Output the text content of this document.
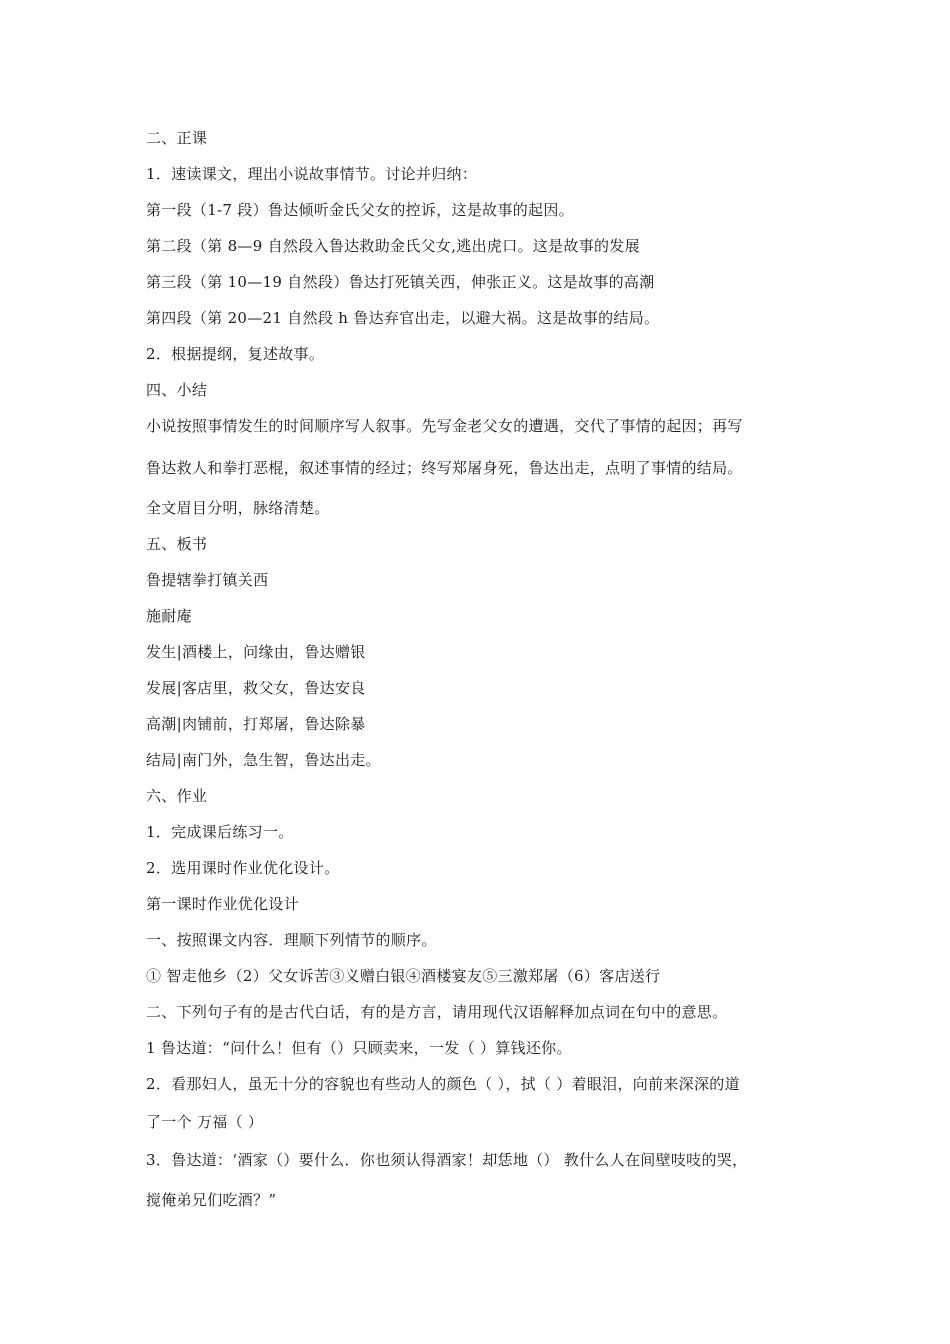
二、正课
1．速读课文，理出小说故事情节。讨论并归纳：
第一段（1-7 段）鲁达倾听金氏父女的控诉，这是故事的起因。
第二段（第 8—9 自然段入鲁达救助金氏父女,逃出虎口。这是故事的发展
第三段（第 10—19 自然段）鲁达打死镇关西，伸张正义。这是故事的高潮
第四段（第 20—21 自然段 h 鲁达弃官出走，以避大祸。这是故事的结局。
2．根据提纲，复述故事。
四、小结
小说按照事情发生的时间顺序写人叙事。先写金老父女的遭遇，交代了事情的起因；再写
鲁达救人和拳打恶棍，叙述事情的经过；终写郑屠身死，鲁达出走，点明了事情的结局。
全文眉目分明，脉络清楚。
五、板书
鲁提辖拳打镇关西
施耐庵
发生|酒楼上，问缘由，鲁达赠银
发展|客店里，救父女，鲁达安良
高潮|肉铺前，打郑屠，鲁达除暴
结局|南门外，急生智，鲁达出走。
六、作业
1．完成课后练习一。
2．选用课时作业优化设计。
第一课时作业优化设计
一、按照课文内容．理顺下列情节的顺序。
① 智走他乡（2）父女诉苦③义赠白银④酒楼宴友⑤三激郑屠（6）客店送行
二、下列句子有的是古代白话，有的是方言，请用现代汉语解释加点词在句中的意思。
1 鲁达道：“问什么！但有（）只顾卖来，一发（ ）算钱还你。
2．看那妇人，虽无十分的容貌也有些动人的颜色（ ），拭（ ）着眼泪，向前来深深的道
了一个 万福（ ）
3．鲁达道：‘酒家（）要什么．你也须认得酒家！却恁地（） 教什么人在间壁吱吱的哭，
搅俺弟兄们吃酒？”
